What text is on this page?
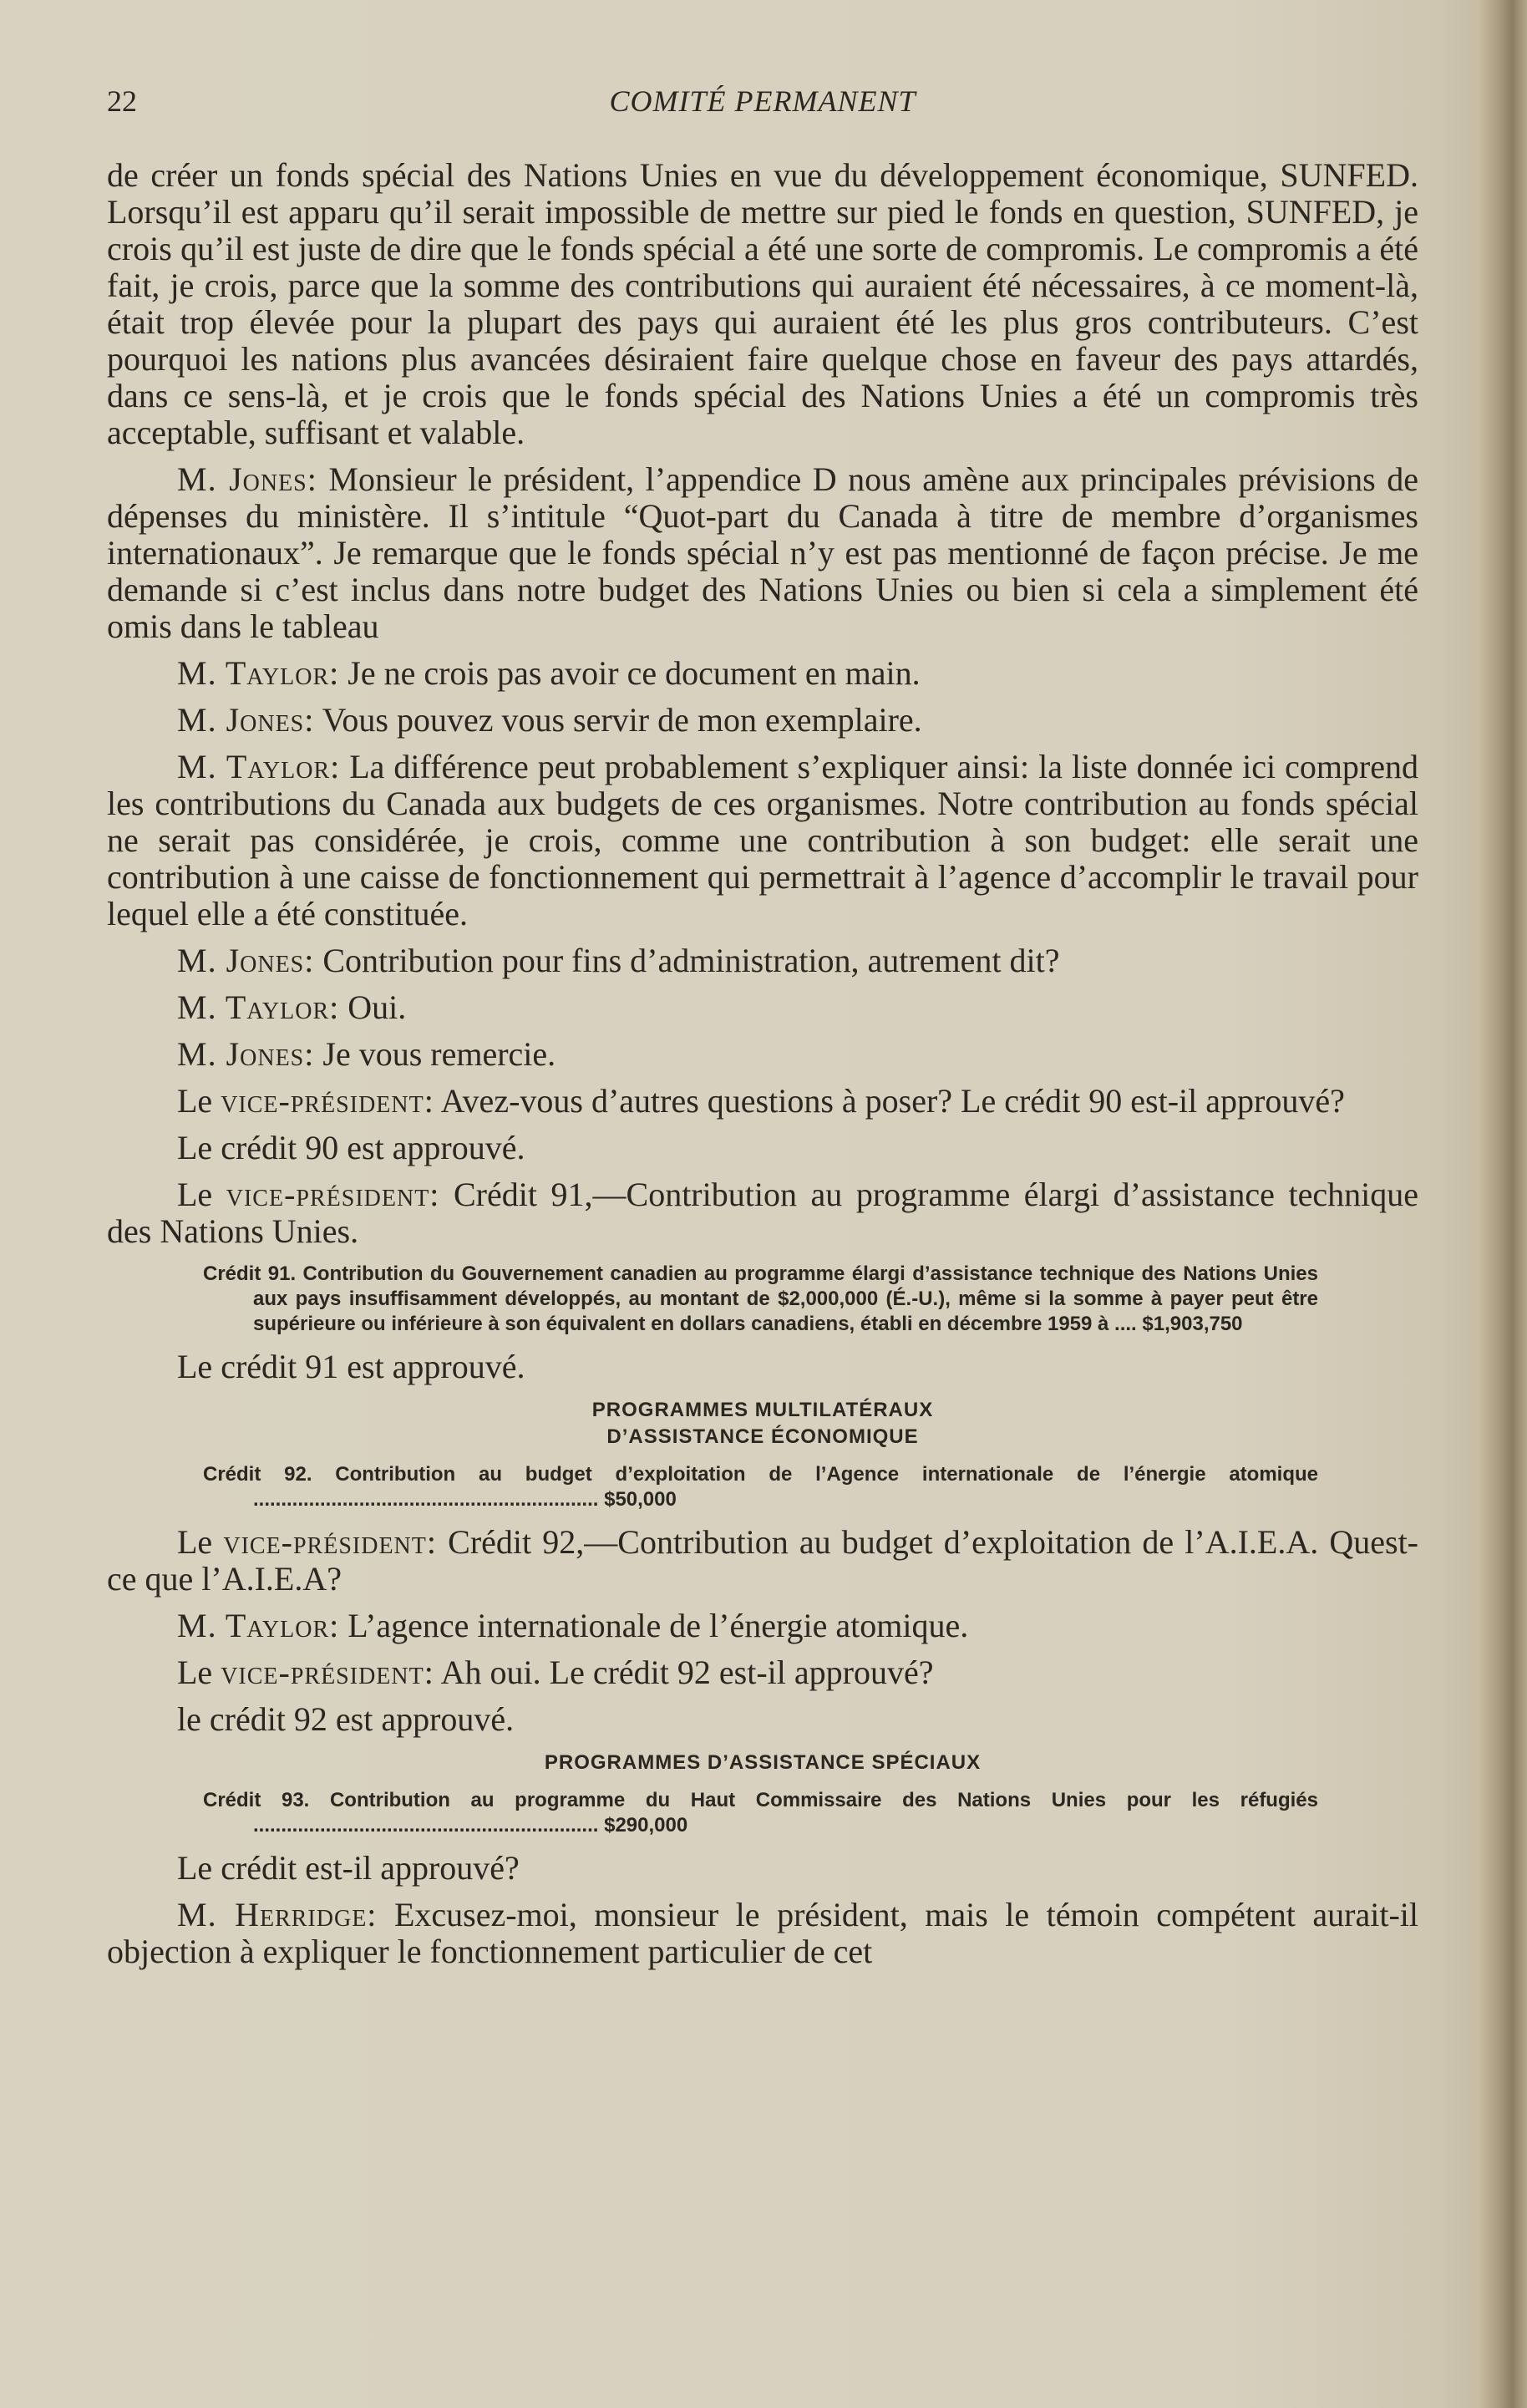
22	COMITÉ PERMANENT

de créer un fonds spécial des Nations Unies en vue du développement économique, SUNFED. Lorsqu’il est apparu qu’il serait impossible de mettre sur pied le fonds en question, SUNFED, je crois qu’il est juste de dire que le fonds spécial a été une sorte de compromis. Le compromis a été fait, je crois, parce que la somme des contributions qui auraient été nécessaires, à ce moment-là, était trop élevée pour la plupart des pays qui auraient été les plus gros contributeurs. C’est pourquoi les nations plus avancées désiraient faire quelque chose en faveur des pays attardés, dans ce sens-là, et je crois que le fonds spécial des Nations Unies a été un compromis très acceptable, suffisant et valable.

M. Jones: Monsieur le président, l’appendice D nous amène aux principales prévisions de dépenses du ministère. Il s’intitule “Quot-part du Canada à titre de membre d’organismes internationaux”. Je remarque que le fonds spécial n’y est pas mentionné de façon précise. Je me demande si c’est inclus dans notre budget des Nations Unies ou bien si cela a simplement été omis dans le tableau

M. Taylor: Je ne crois pas avoir ce document en main.

M. Jones: Vous pouvez vous servir de mon exemplaire.

M. Taylor: La différence peut probablement s’expliquer ainsi: la liste donnée ici comprend les contributions du Canada aux budgets de ces organismes. Notre contribution au fonds spécial ne serait pas considérée, je crois, comme une contribution à son budget: elle serait une contribution à une caisse de fonctionnement qui permettrait à l’agence d’accomplir le travail pour lequel elle a été constituée.

M. Jones: Contribution pour fins d’administration, autrement dit?

M. Taylor: Oui.

M. Jones: Je vous remercie.

Le vice-président: Avez-vous d’autres questions à poser? Le crédit 90 est-il approuvé?

Le crédit 90 est approuvé.

Le vice-président: Crédit 91,—Contribution au programme élargi d’assistance technique des Nations Unies.

Crédit 91. Contribution du Gouvernement canadien au programme élargi d’assistance technique des Nations Unies aux pays insuffisamment développés, au montant de $2,000,000 (É.-U.), même si la somme à payer peut être supérieure ou inférieure à son équivalent en dollars canadiens, établi en décembre 1959 à .... $1,903,750

Le crédit 91 est approuvé.

PROGRAMMES MULTILATÉRAUX
D’ASSISTANCE ÉCONOMIQUE
Crédit 92. Contribution au budget d’exploitation de l’Agence internationale de l’énergie atomique .............................................................. $50,000

Le vice-président: Crédit 92,—Contribution au budget d’exploitation de l’A.I.E.A. Quest-ce que l’A.I.E.A?

M. Taylor: L’agence internationale de l’énergie atomique.

Le vice-président: Ah oui. Le crédit 92 est-il approuvé?

le crédit 92 est approuvé.

PROGRAMMES D’ASSISTANCE SPÉCIAUX
Crédit 93. Contribution au programme du Haut Commissaire des Nations Unies pour les réfugiés .............................................................. $290,000

Le crédit est-il approuvé?

M. Herridge: Excusez-moi, monsieur le président, mais le témoin compétent aurait-il objection à expliquer le fonctionnement particulier de cet
